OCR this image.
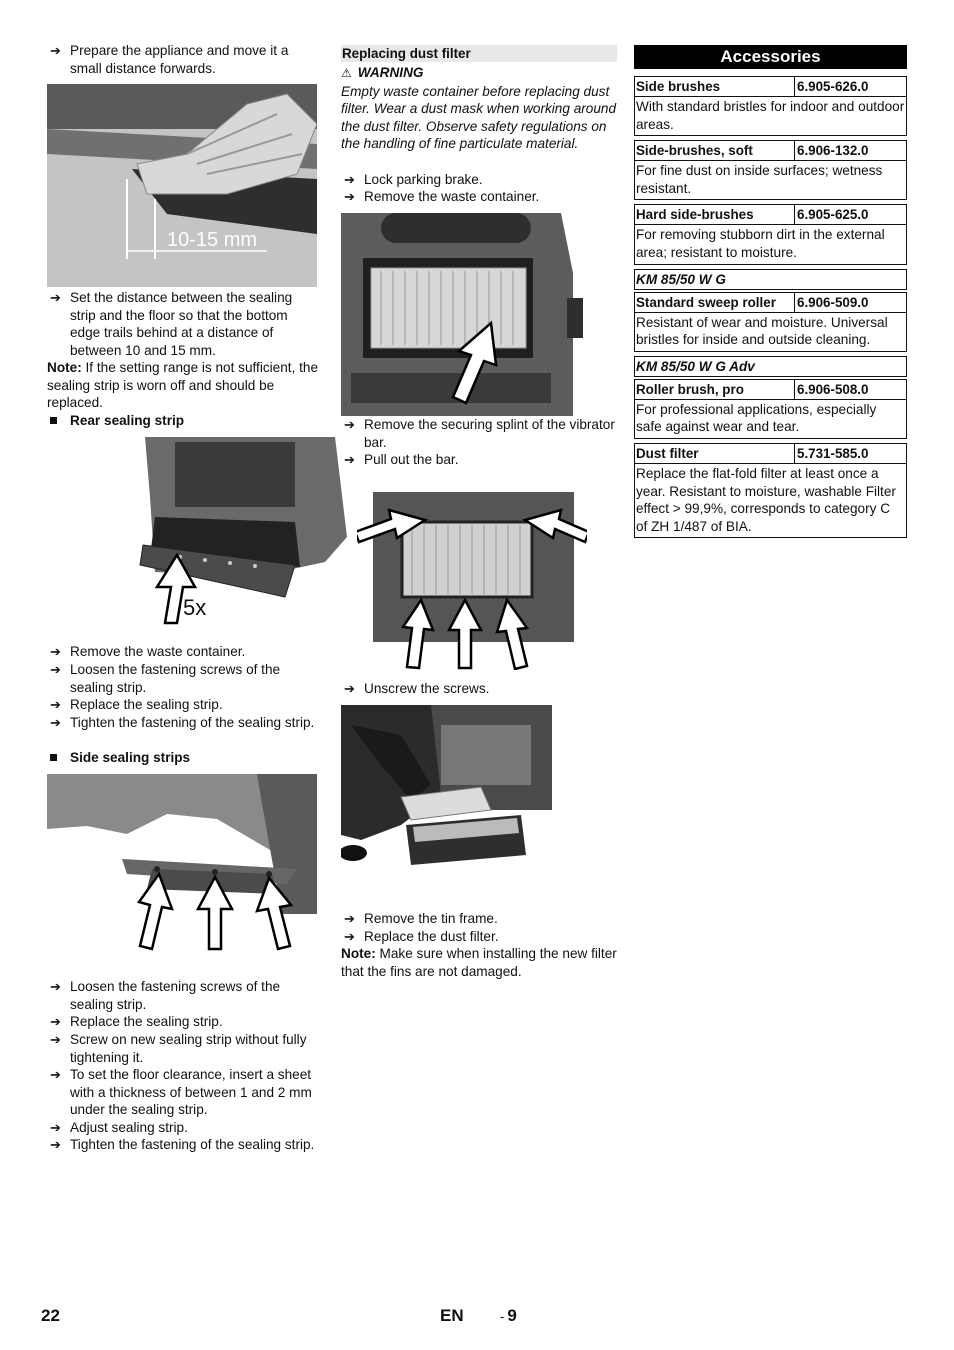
➔ Prepare the appliance and move it a small distance forwards.
10-15 mm
➔ Set the distance between the sealing strip and the floor so that the bottom edge trails behind at a distance of between 10 and 15 mm.
Note: If the setting range is not sufficient, the sealing strip is worn off and should be replaced.
Rear sealing strip
5x
➔ Remove the waste container.
➔ Loosen the fastening screws of the sealing strip.
➔ Replace the sealing strip.
➔ Tighten the fastening of the sealing strip.
Side sealing strips
➔ Loosen the fastening screws of the sealing strip.
➔ Replace the sealing strip.
➔ Screw on new sealing strip without fully tightening it.
➔ To set the floor clearance, insert a sheet with a thickness of between 1 and 2 mm under the sealing strip.
➔ Adjust sealing strip.
➔ Tighten the fastening of the sealing strip.
Replacing dust filter
⚠ WARNING
Empty waste container before replacing dust filter. Wear a dust mask when working around the dust filter. Observe safety regulations on the handling of fine particulate material.
➔ Lock parking brake.
➔ Remove the waste container.
➔ Remove the securing splint of the vibrator bar.
➔ Pull out the bar.
➔ Unscrew the screws.
➔ Remove the tin frame.
➔ Replace the dust filter.
Note: Make sure when installing the new filter that the fins are not damaged.
Accessories
Side brushes	6.905-626.0
With standard bristles for indoor and outdoor areas.
Side-brushes, soft	6.906-132.0
For fine dust on inside surfaces; wetness resistant.
Hard side-brushes	6.905-625.0
For removing stubborn dirt in the external area; resistant to moisture.
KM 85/50 W G
Standard sweep roller	6.906-509.0
Resistant of wear and moisture. Universal bristles for inside and outside cleaning.
KM 85/50 W G Adv
Roller brush, pro	6.906-508.0
For professional applications, especially safe against wear and tear.
Dust filter	5.731-585.0
Replace the flat-fold filter at least once a year. Resistant to moisture, washable Filter effect > 99,9%, corresponds to category C of ZH 1/487 of BIA.
22	EN	- 9
